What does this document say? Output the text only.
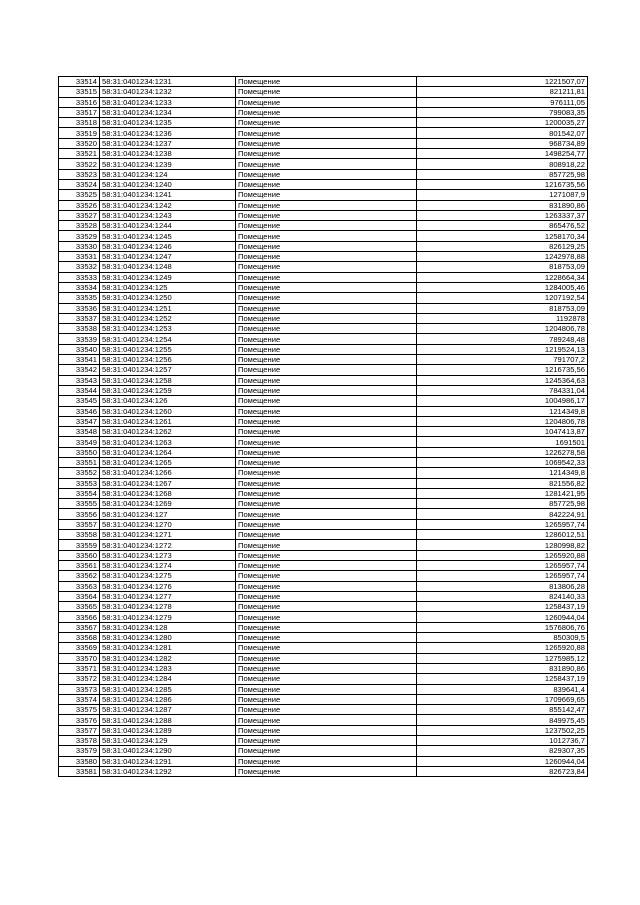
33514	58:31:0401234:1231	Помещение	1221507,07
33515	58:31:0401234:1232	Помещение	821211,81
33516	58:31:0401234:1233	Помещение	976111,05
33517	58:31:0401234:1234	Помещение	799083,35
33518	58:31:0401234:1235	Помещение	1200035,27
33519	58:31:0401234:1236	Помещение	801542,07
33520	58:31:0401234:1237	Помещение	968734,89
33521	58:31:0401234:1238	Помещение	1498254,77
33522	58:31:0401234:1239	Помещение	808918,22
33523	58:31:0401234:124	Помещение	857725,98
33524	58:31:0401234:1240	Помещение	1216735,56
33525	58:31:0401234:1241	Помещение	1271087,9
33526	58:31:0401234:1242	Помещение	831890,86
33527	58:31:0401234:1243	Помещение	1263337,37
33528	58:31:0401234:1244	Помещение	865476,52
33529	58:31:0401234:1245	Помещение	1258170,34
33530	58:31:0401234:1246	Помещение	826129,25
33531	58:31:0401234:1247	Помещение	1242978,88
33532	58:31:0401234:1248	Помещение	818753,09
33533	58:31:0401234:1249	Помещение	1228664,34
33534	58:31:0401234:125	Помещение	1284005,46
33535	58:31:0401234:1250	Помещение	1207192,54
33536	58:31:0401234:1251	Помещение	818753,09
33537	58:31:0401234:1252	Помещение	1192878
33538	58:31:0401234:1253	Помещение	1204806,78
33539	58:31:0401234:1254	Помещение	789248,48
33540	58:31:0401234:1255	Помещение	1219524,13
33541	58:31:0401234:1256	Помещение	791707,2
33542	58:31:0401234:1257	Помещение	1216735,56
33543	58:31:0401234:1258	Помещение	1245364,63
33544	58:31:0401234:1259	Помещение	784331,04
33545	58:31:0401234:126	Помещение	1004986,17
33546	58:31:0401234:1260	Помещение	1214349,8
33547	58:31:0401234:1261	Помещение	1204806,78
33548	58:31:0401234:1262	Помещение	1047413,87
33549	58:31:0401234:1263	Помещение	1691501
33550	58:31:0401234:1264	Помещение	1226278,58
33551	58:31:0401234:1265	Помещение	1069542,33
33552	58:31:0401234:1266	Помещение	1214349,8
33553	58:31:0401234:1267	Помещение	821556,82
33554	58:31:0401234:1268	Помещение	1281421,95
33555	58:31:0401234:1269	Помещение	857725,98
33556	58:31:0401234:127	Помещение	842224,91
33557	58:31:0401234:1270	Помещение	1265957,74
33558	58:31:0401234:1271	Помещение	1286012,51
33559	58:31:0401234:1272	Помещение	1280998,82
33560	58:31:0401234:1273	Помещение	1265920,88
33561	58:31:0401234:1274	Помещение	1265957,74
33562	58:31:0401234:1275	Помещение	1265957,74
33563	58:31:0401234:1276	Помещение	813806,28
33564	58:31:0401234:1277	Помещение	824140,33
33565	58:31:0401234:1278	Помещение	1258437,19
33566	58:31:0401234:1279	Помещение	1260944,04
33567	58:31:0401234:128	Помещение	1576806,76
33568	58:31:0401234:1280	Помещение	850309,5
33569	58:31:0401234:1281	Помещение	1265920,88
33570	58:31:0401234:1282	Помещение	1275985,12
33571	58:31:0401234:1283	Помещение	831890,86
33572	58:31:0401234:1284	Помещение	1258437,19
33573	58:31:0401234:1285	Помещение	839641,4
33574	58:31:0401234:1286	Помещение	1709669,65
33575	58:31:0401234:1287	Помещение	855142,47
33576	58:31:0401234:1288	Помещение	849975,45
33577	58:31:0401234:1289	Помещение	1237502,25
33578	58:31:0401234:129	Помещение	1012736,7
33579	58:31:0401234:1290	Помещение	829307,35
33580	58:31:0401234:1291	Помещение	1260944,04
33581	58:31:0401234:1292	Помещение	826723,84
